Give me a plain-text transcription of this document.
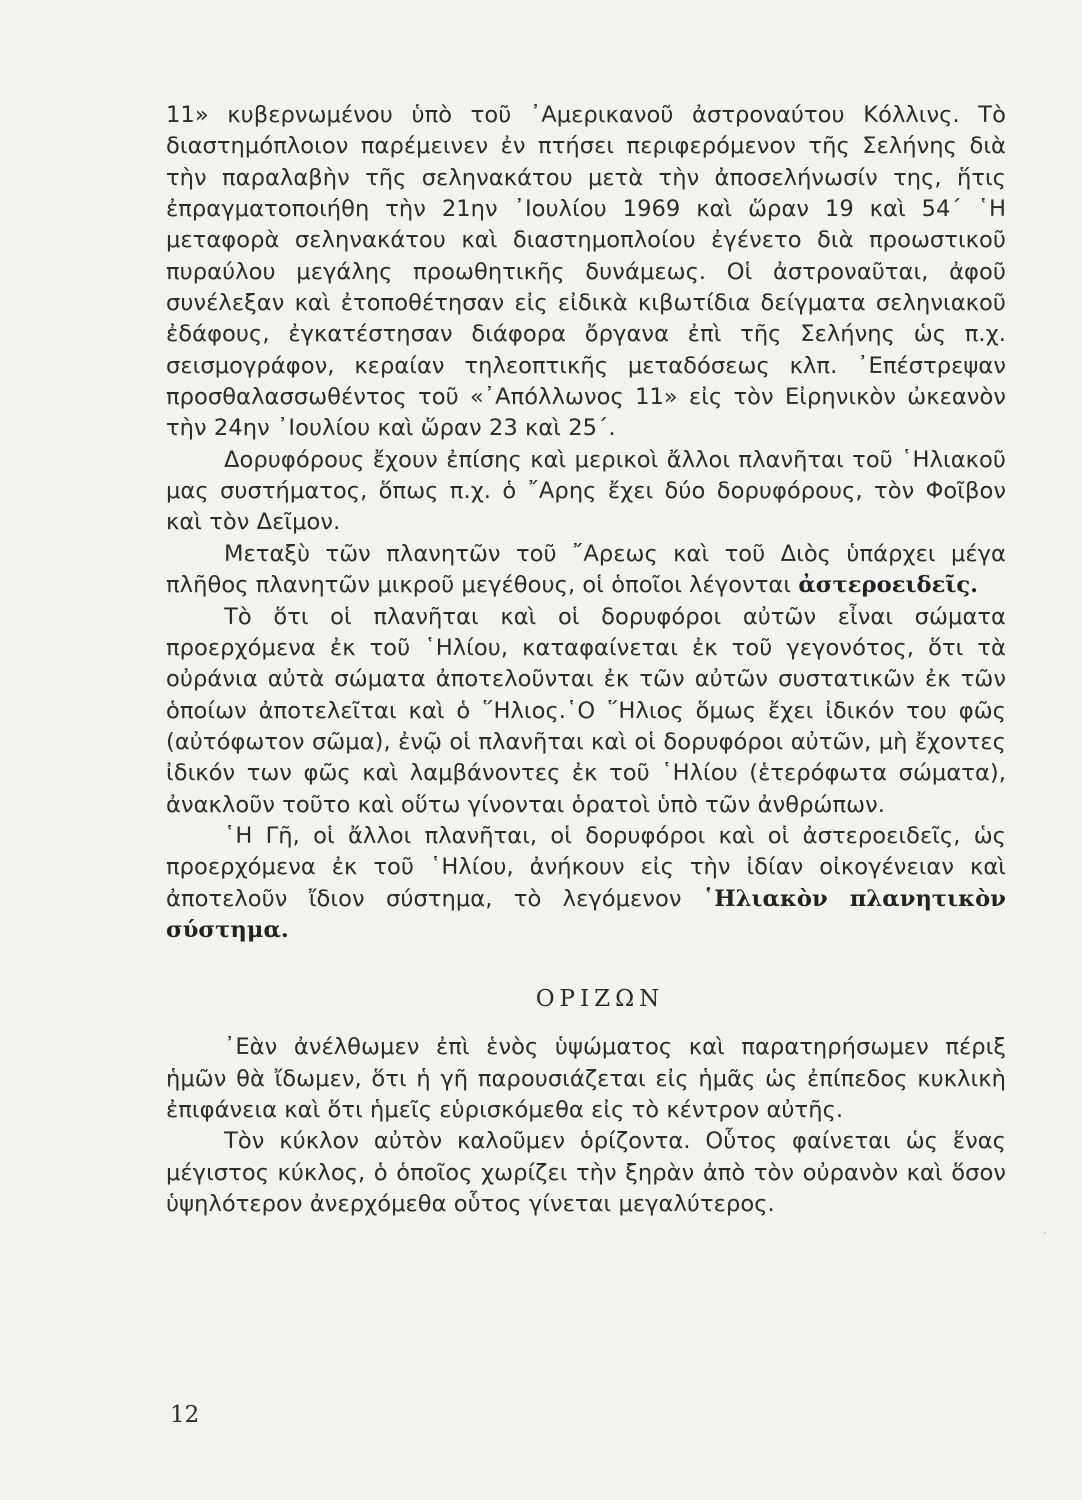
11» κυβερνωμένου ὑπὸ τοῦ ᾿Αμερικανοῦ ἀστροναύτου Κόλλινς. Τὸ διαστημόπλοιον παρέμεινεν ἐν πτήσει περιφερόμενον τῆς Σελήνης διὰ τὴν παραλαβὴν τῆς σεληνακάτου μετὰ τὴν ἀποσελήνωσίν της, ἥτις ἐπραγματοποιήθη τὴν 21ην ᾿Ιουλίου 1969 καὶ ὥραν 19 καὶ 54΄ ῾Η μεταφορὰ σεληνακάτου καὶ διαστημοπλοίου ἐγένετο διὰ προωστικοῦ πυραύλου μεγάλης προωθητικῆς δυνάμεως. Οἱ ἀστροναῦται, ἀφοῦ συνέλεξαν καὶ ἐτοποθέτησαν εἰς εἰδικὰ κιβωτίδια δείγματα σεληνιακοῦ ἐδάφους, ἐγκατέστησαν διάφορα ὄργανα ἐπὶ τῆς Σελήνης ὡς π.χ. σεισμογράφον, κεραίαν τηλεοπτικῆς μεταδόσεως κλπ. ᾿Επέστρεψαν προσθαλασσωθέντος τοῦ «᾿Απόλλωνος 11» εἰς τὸν Εἰρηνικὸν ὠκεανὸν τὴν 24ην ᾿Ιουλίου καὶ ὥραν 23 καὶ 25΄.

Δορυφόρους ἔχουν ἐπίσης καὶ μερικοὶ ἄλλοι πλανῆται τοῦ ῾Ηλιακοῦ μας συστήματος, ὅπως π.χ. ὁ ῎Αρης ἔχει δύο δορυφόρους, τὸν Φοῖβον καὶ τὸν Δεῖμον.

Μεταξὺ τῶν πλανητῶν τοῦ ῎Αρεως καὶ τοῦ Διὸς ὑπάρχει μέγα πλῆθος πλανητῶν μικροῦ μεγέθους, οἱ ὁποῖοι λέγονται ἀστεροειδεῖς.

Τὸ ὅτι οἱ πλανῆται καὶ οἱ δορυφόροι αὐτῶν εἶναι σώματα προερχόμενα ἐκ τοῦ ῾Ηλίου, καταφαίνεται ἐκ τοῦ γεγονότος, ὅτι τὰ οὐράνια αὐτὰ σώματα ἀποτελοῦνται ἐκ τῶν αὐτῶν συστατικῶν ἐκ τῶν ὁποίων ἀποτελεῖται καὶ ὁ ῞Ηλιος.῾Ο ῞Ηλιος ὅμως ἔχει ἰδικόν του φῶς (αὐτόφωτον σῶμα), ἐνῷ οἱ πλανῆται καὶ οἱ δορυφόροι αὐτῶν, μὴ ἔχοντες ἰδικόν των φῶς καὶ λαμβάνοντες ἐκ τοῦ ῾Ηλίου (ἑτερόφωτα σώματα), ἀνακλοῦν τοῦτο καὶ οὕτω γίνονται ὁρατοὶ ὑπὸ τῶν ἀνθρώπων.

῾Η Γῆ, οἱ ἄλλοι πλανῆται, οἱ δορυφόροι καὶ οἱ ἀστεροειδεῖς, ὡς προερχόμενα ἐκ τοῦ ῾Ηλίου, ἀνήκουν εἰς τὴν ἰδίαν οἰκογένειαν καὶ ἀποτελοῦν ἴδιον σύστημα, τὸ λεγόμενον ῾Ηλιακὸν πλανητικὸν σύστημα.

ΟΡΙΖΩΝ

᾿Εὰν ἀνέλθωμεν ἐπὶ ἑνὸς ὑψώματος καὶ παρατηρήσωμεν πέριξ ἡμῶν θὰ ἴδωμεν, ὅτι ἡ γῆ παρουσιάζεται εἰς ἡμᾶς ὡς ἐπίπεδος κυκλικὴ ἐπιφάνεια καὶ ὅτι ἡμεῖς εὑρισκόμεθα εἰς τὸ κέντρον αὐτῆς.

Τὸν κύκλον αὐτὸν καλοῦμεν ὁρίζοντα. Οὗτος φαίνεται ὡς ἕνας μέγιστος κύκλος, ὁ ὁποῖος χωρίζει τὴν ξηρὰν ἀπὸ τὸν οὐρανὸν καὶ ὅσον ὑψηλότερον ἀνερχόμεθα οὗτος γίνεται μεγαλύτερος.

12
·
